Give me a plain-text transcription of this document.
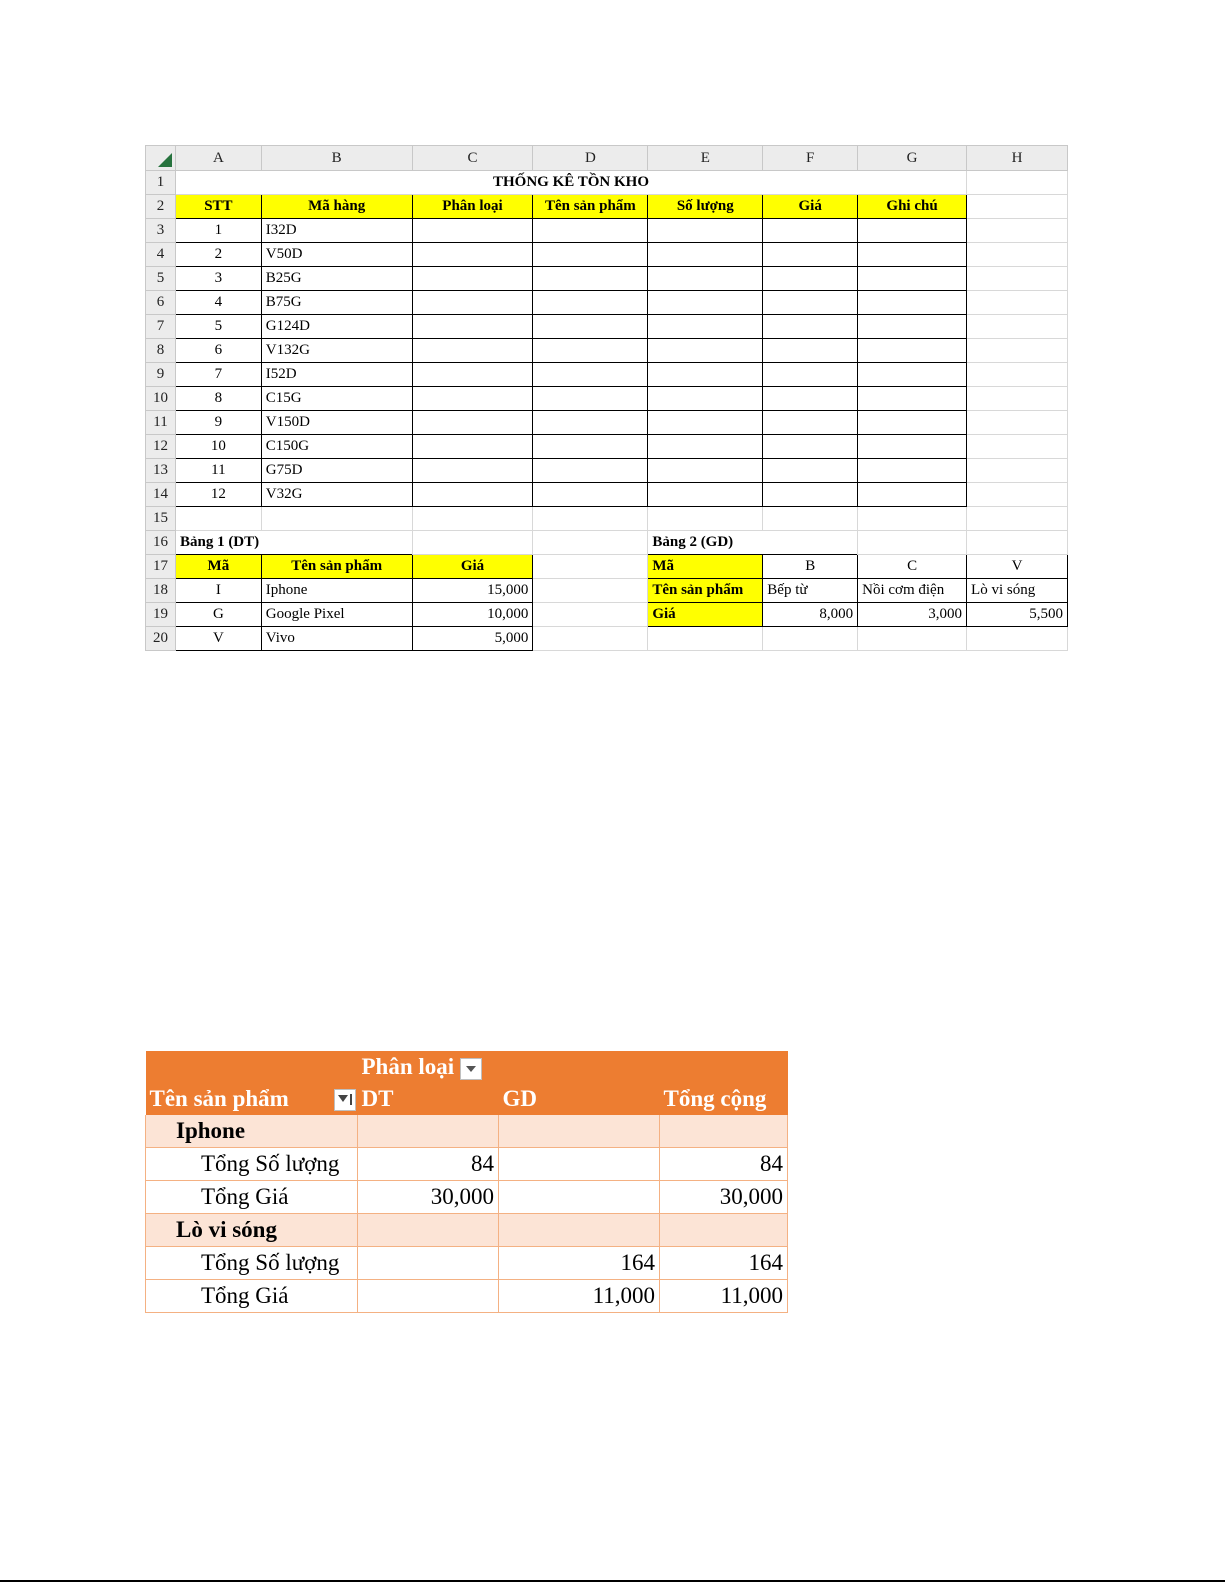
	A	B	C	D	E	F	G	H
1	THỐNG KÊ TỒN KHO							
2	STT	Mã hàng	Phân loại	Tên sản phẩm	Số lượng	Giá	Ghi chú	
3	1	I32D						
4	2	V50D						
5	3	B25G						
6	4	B75G						
7	5	G124D						
8	6	V132G						
9	7	I52D						
10	8	C15G						
11	9	V150D						
12	10	C150G						
13	11	G75D						
14	12	V32G						
15								
16	Bảng 1 (DT)				Bảng 2 (GD)			
17	Mã	Tên sản phẩm	Giá		Mã	B	C	V
18	I	Iphone	15,000		Tên sản phẩm	Bếp từ	Nồi cơm điện	Lò vi sóng
19	G	Google Pixel	10,000		Giá	8,000	3,000	5,500
20	V	Vivo	5,000					
	Phân loại		
Tên sản phẩm	DT	GD	Tổng cộng
Iphone			
Tổng Số lượng	84		84
Tổng Giá	30,000		30,000
Lò vi sóng			
Tổng Số lượng		164	164
Tổng Giá		11,000	11,000
